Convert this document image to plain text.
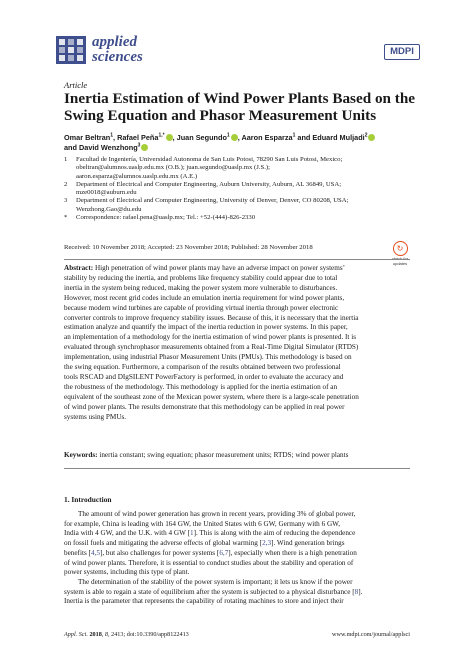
applied
sciences	MDPI
Article
Inertia Estimation of Wind Power Plants Based on the Swing Equation and Phasor Measurement Units
Omar Beltran$^1$, Rafael Peña$^{1,*}$ , Juan Segundo$^1$ , Aaron Esparza$^1$ and Eduard Muljadi$^2$
and David Wenzhong$^3$
1	Facultad de Ingeniería, Universidad Autonoma de San Luis Potosi, 78290 San Luis Potosi, Mexico;
obeltran@alumnos.uaslp.edu.mx (O.B.); juan.segundo@uaslp.mx (J.S.);
aaron.esparza@alumnos.uaslp.edu.mx (A.E.)
2	Department of Electrical and Computer Engineering, Auburn University, Auburn, AL 36849, USA;
mze0018@auburn.edu
3	Department of Electrical and Computer Engineering, University of Denver, Denver, CO 80208, USA;
Wenzhong.Gao@du.edu
*	Correspondence: rafael.pena@uaslp.mx; Tel.: +52-(444)-826-2330
Received: 10 November 2018; Accepted: 23 November 2018; Published: 28 November 2018	↻
check for
updates
Abstract: High penetration of wind power plants may have an adverse impact on power systems’
stability by reducing the inertia, and problems like frequency stability could appear due to total
inertia in the system being reduced, making the power system more vulnerable to disturbances.
However, most recent grid codes include an emulation inertia requirement for wind power plants,
because modern wind turbines are capable of providing virtual inertia through power electronic
converter controls to improve frequency stability issues. Because of this, it is necessary that the inertia
estimation analyze and quantify the impact of the inertia reduction in power systems. In this paper,
an implementation of a methodology for the inertia estimation of wind power plants is presented. It is
evaluated through synchrophasor measurements obtained from a Real-Time Digital Simulator (RTDS)
implementation, using industrial Phasor Measurement Units (PMUs). This methodology is based on
the swing equation. Furthermore, a comparison of the results obtained between two professional
tools RSCAD and DIgSILENT PowerFactory is performed, in order to evaluate the accuracy and
the robustness of the methodology. This methodology is applied for the inertia estimation of an
equivalent of the southeast zone of the Mexican power system, where there is a large-scale penetration
of wind power plants. The results demonstrate that this methodology can be applied in real power
systems using PMUs.
Keywords: inertia constant; swing equation; phasor measurement units; RTDS; wind power plants
1. Introduction
The amount of wind power generation has grown in recent years, providing 3% of global power,
for example, China is leading with 164 GW, the United States with 6 GW, Germany with 6 GW,
India with 4 GW, and the U.K. with 4 GW [1]. This is along with the aim of reducing the dependence
on fossil fuels and mitigating the adverse effects of global warming [2,3]. Wind generation brings
benefits [4,5], but also challenges for power systems [6,7], especially when there is a high penetration
of wind power plants. Therefore, it is essential to conduct studies about the stability and operation of
power systems, including this type of plant.
The determination of the stability of the power system is important; it lets us know if the power
system is able to regain a state of equilibrium after the system is subjected to a physical disturbance [8].
Inertia is the parameter that represents the capability of rotating machines to store and inject their
Appl. Sci. 2018, 8, 2413; doi:10.3390/app8122413	www.mdpi.com/journal/applsci
